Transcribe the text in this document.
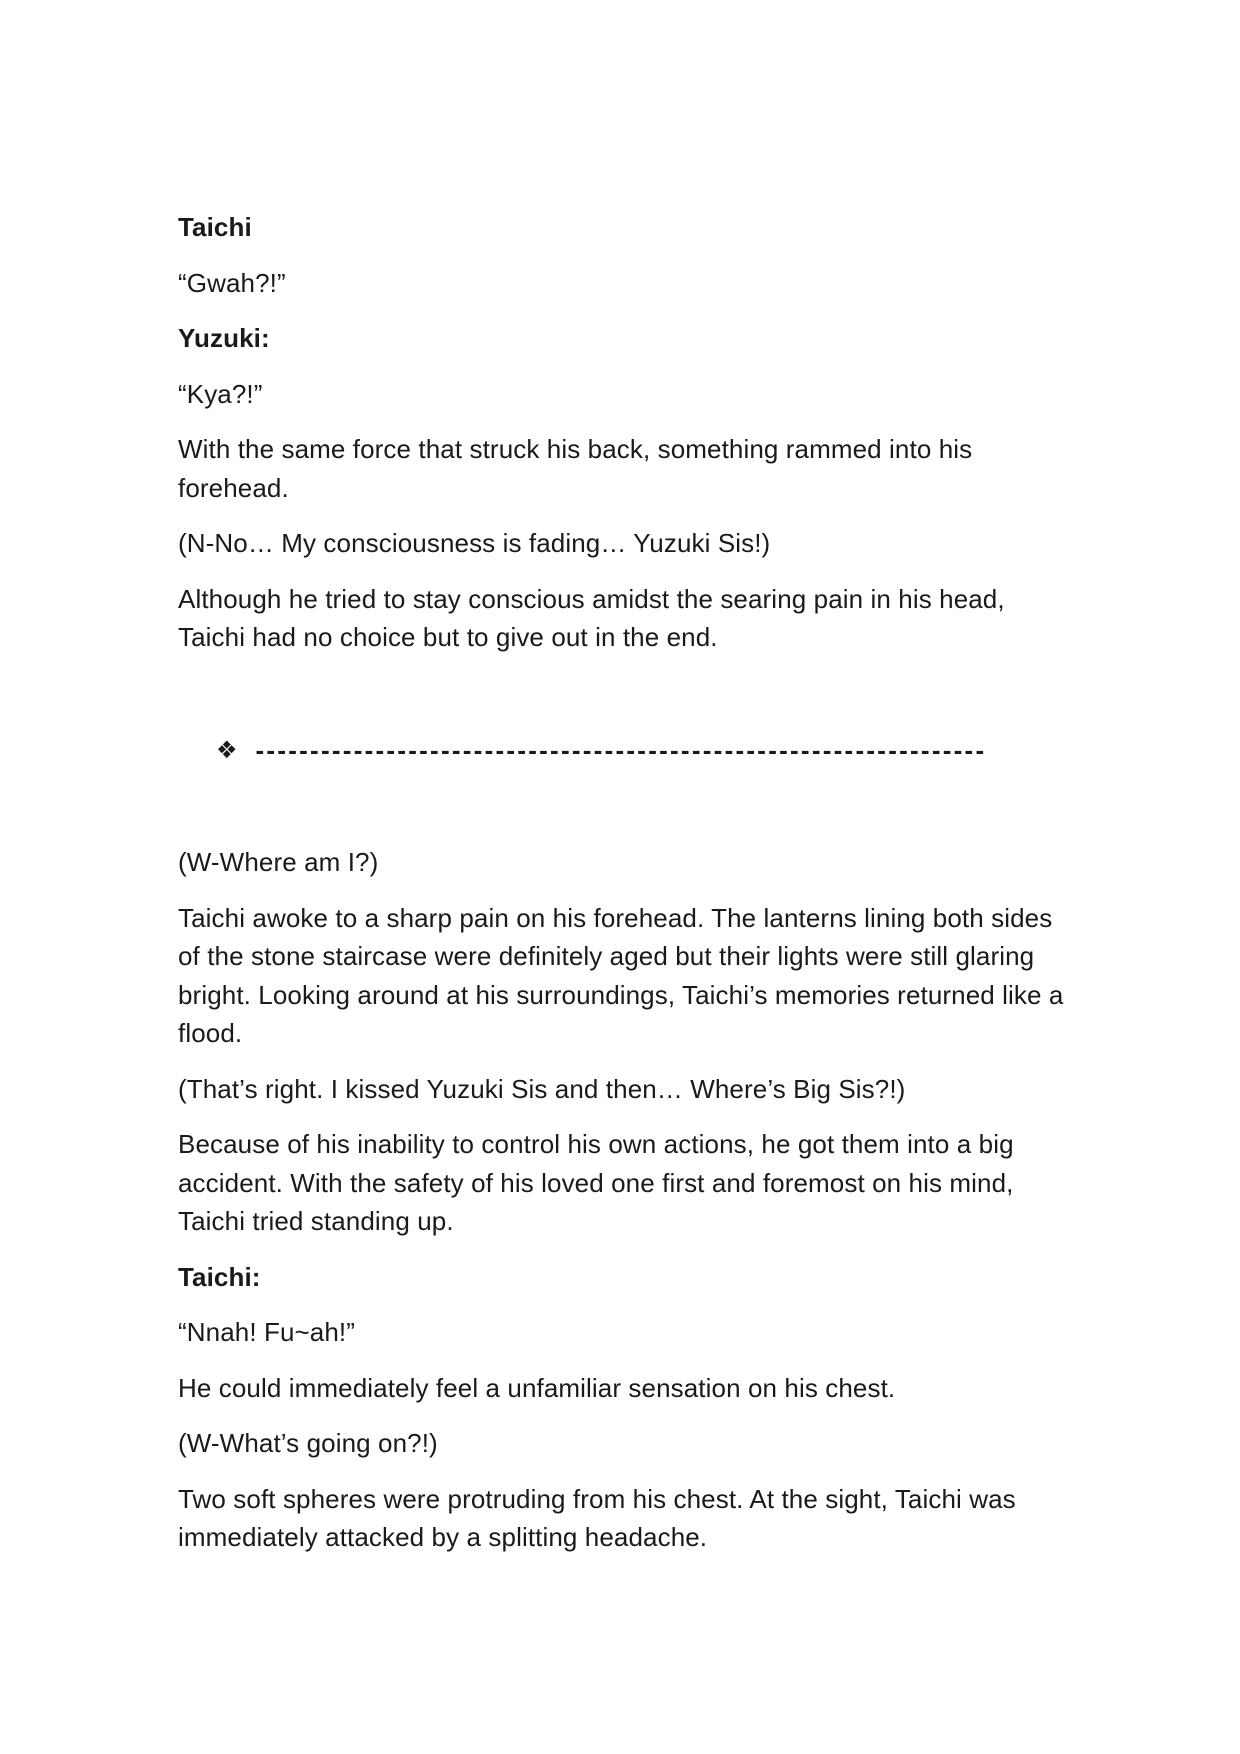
Taichi

“Gwah?!”

Yuzuki:

“Kya?!”

With the same force that struck his back, something rammed into his forehead.

(N-No… My consciousness is fading… Yuzuki Sis!)

Although he tried to stay conscious amidst the searing pain in his head, Taichi had no choice but to give out in the end.

❖ -------------------------------------------------------------------

(W-Where am I?)

Taichi awoke to a sharp pain on his forehead. The lanterns lining both sides of the stone staircase were definitely aged but their lights were still glaring bright. Looking around at his surroundings, Taichi’s memories returned like a flood.

(That’s right. I kissed Yuzuki Sis and then… Where’s Big Sis?!)

Because of his inability to control his own actions, he got them into a big accident. With the safety of his loved one first and foremost on his mind, Taichi tried standing up.

Taichi:

“Nnah! Fu~ah!”

He could immediately feel a unfamiliar sensation on his chest.

(W-What’s going on?!)

Two soft spheres were protruding from his chest. At the sight, Taichi was immediately attacked by a splitting headache.
